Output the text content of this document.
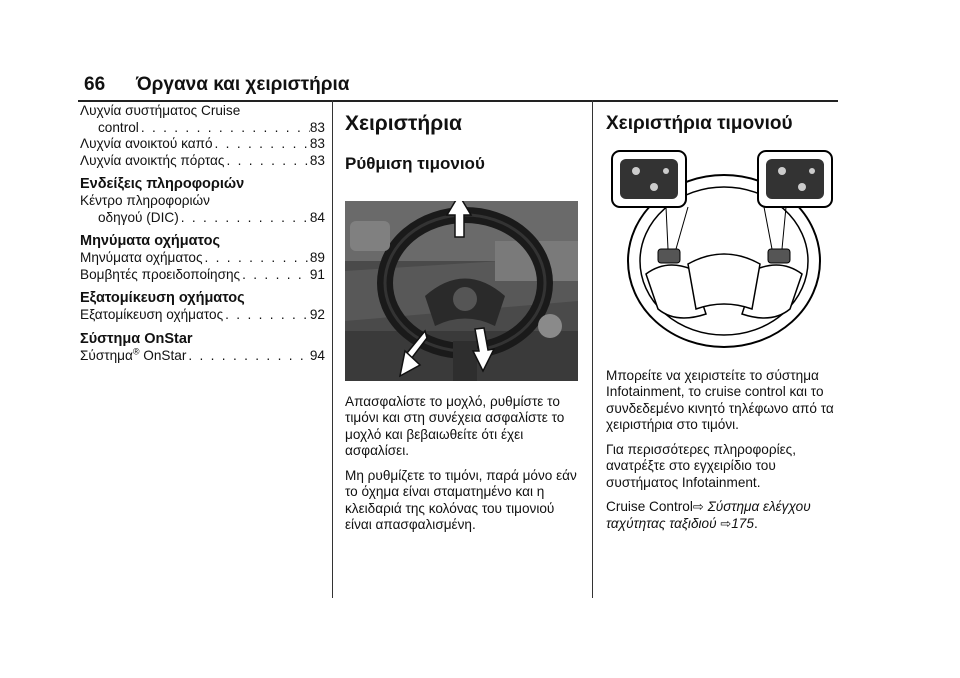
66 Όργανα και χειριστήρια
Λυχνία συστήματος Cruise
control . . .	83
Λυχνία ανοικτού καπό . . .	83
Λυχνία ανοικτής πόρτας . . .	83
Ενδείξεις πληροφοριών
Κέντρο πληροφοριών
οδηγού (DIC) . . .	84
Μηνύματα οχήματος
Μηνύματα οχήματος . . .	89
Βομβητές προειδοποίησης . . .	91
Εξατομίκευση οχήματος
Εξατομίκευση οχήματος . . .	92
Σύστημα OnStar
Σύστημα® OnStar . . .	94
Χειριστήρια
Ρύθμιση τιμονιού

Απασφαλίστε το μοχλό, ρυθμίστε το τιμόνι και στη συνέχεια ασφαλίστε το μοχλό και βεβαιωθείτε ότι έχει ασφαλίσει.

Μη ρυθμίζετε το τιμόνι, παρά μόνο εάν το όχημα είναι σταματημένο και η κλειδαριά της κολόνας του τιμονιού είναι απασφαλισμένη.

Χειριστήρια τιμονιού

Μπορείτε να χειριστείτε το σύστημα Infotainment, το cruise control και το συνδεδεμένο κινητό τηλέφωνο από τα χειριστήρια στο τιμόνι.

Για περισσότερες πληροφορίες, ανατρέξτε στο εγχειρίδιο του συστήματος Infotainment.

Cruise Control⇨ Σύστημα ελέγχου ταχύτητας ταξιδιού ⇨175.
